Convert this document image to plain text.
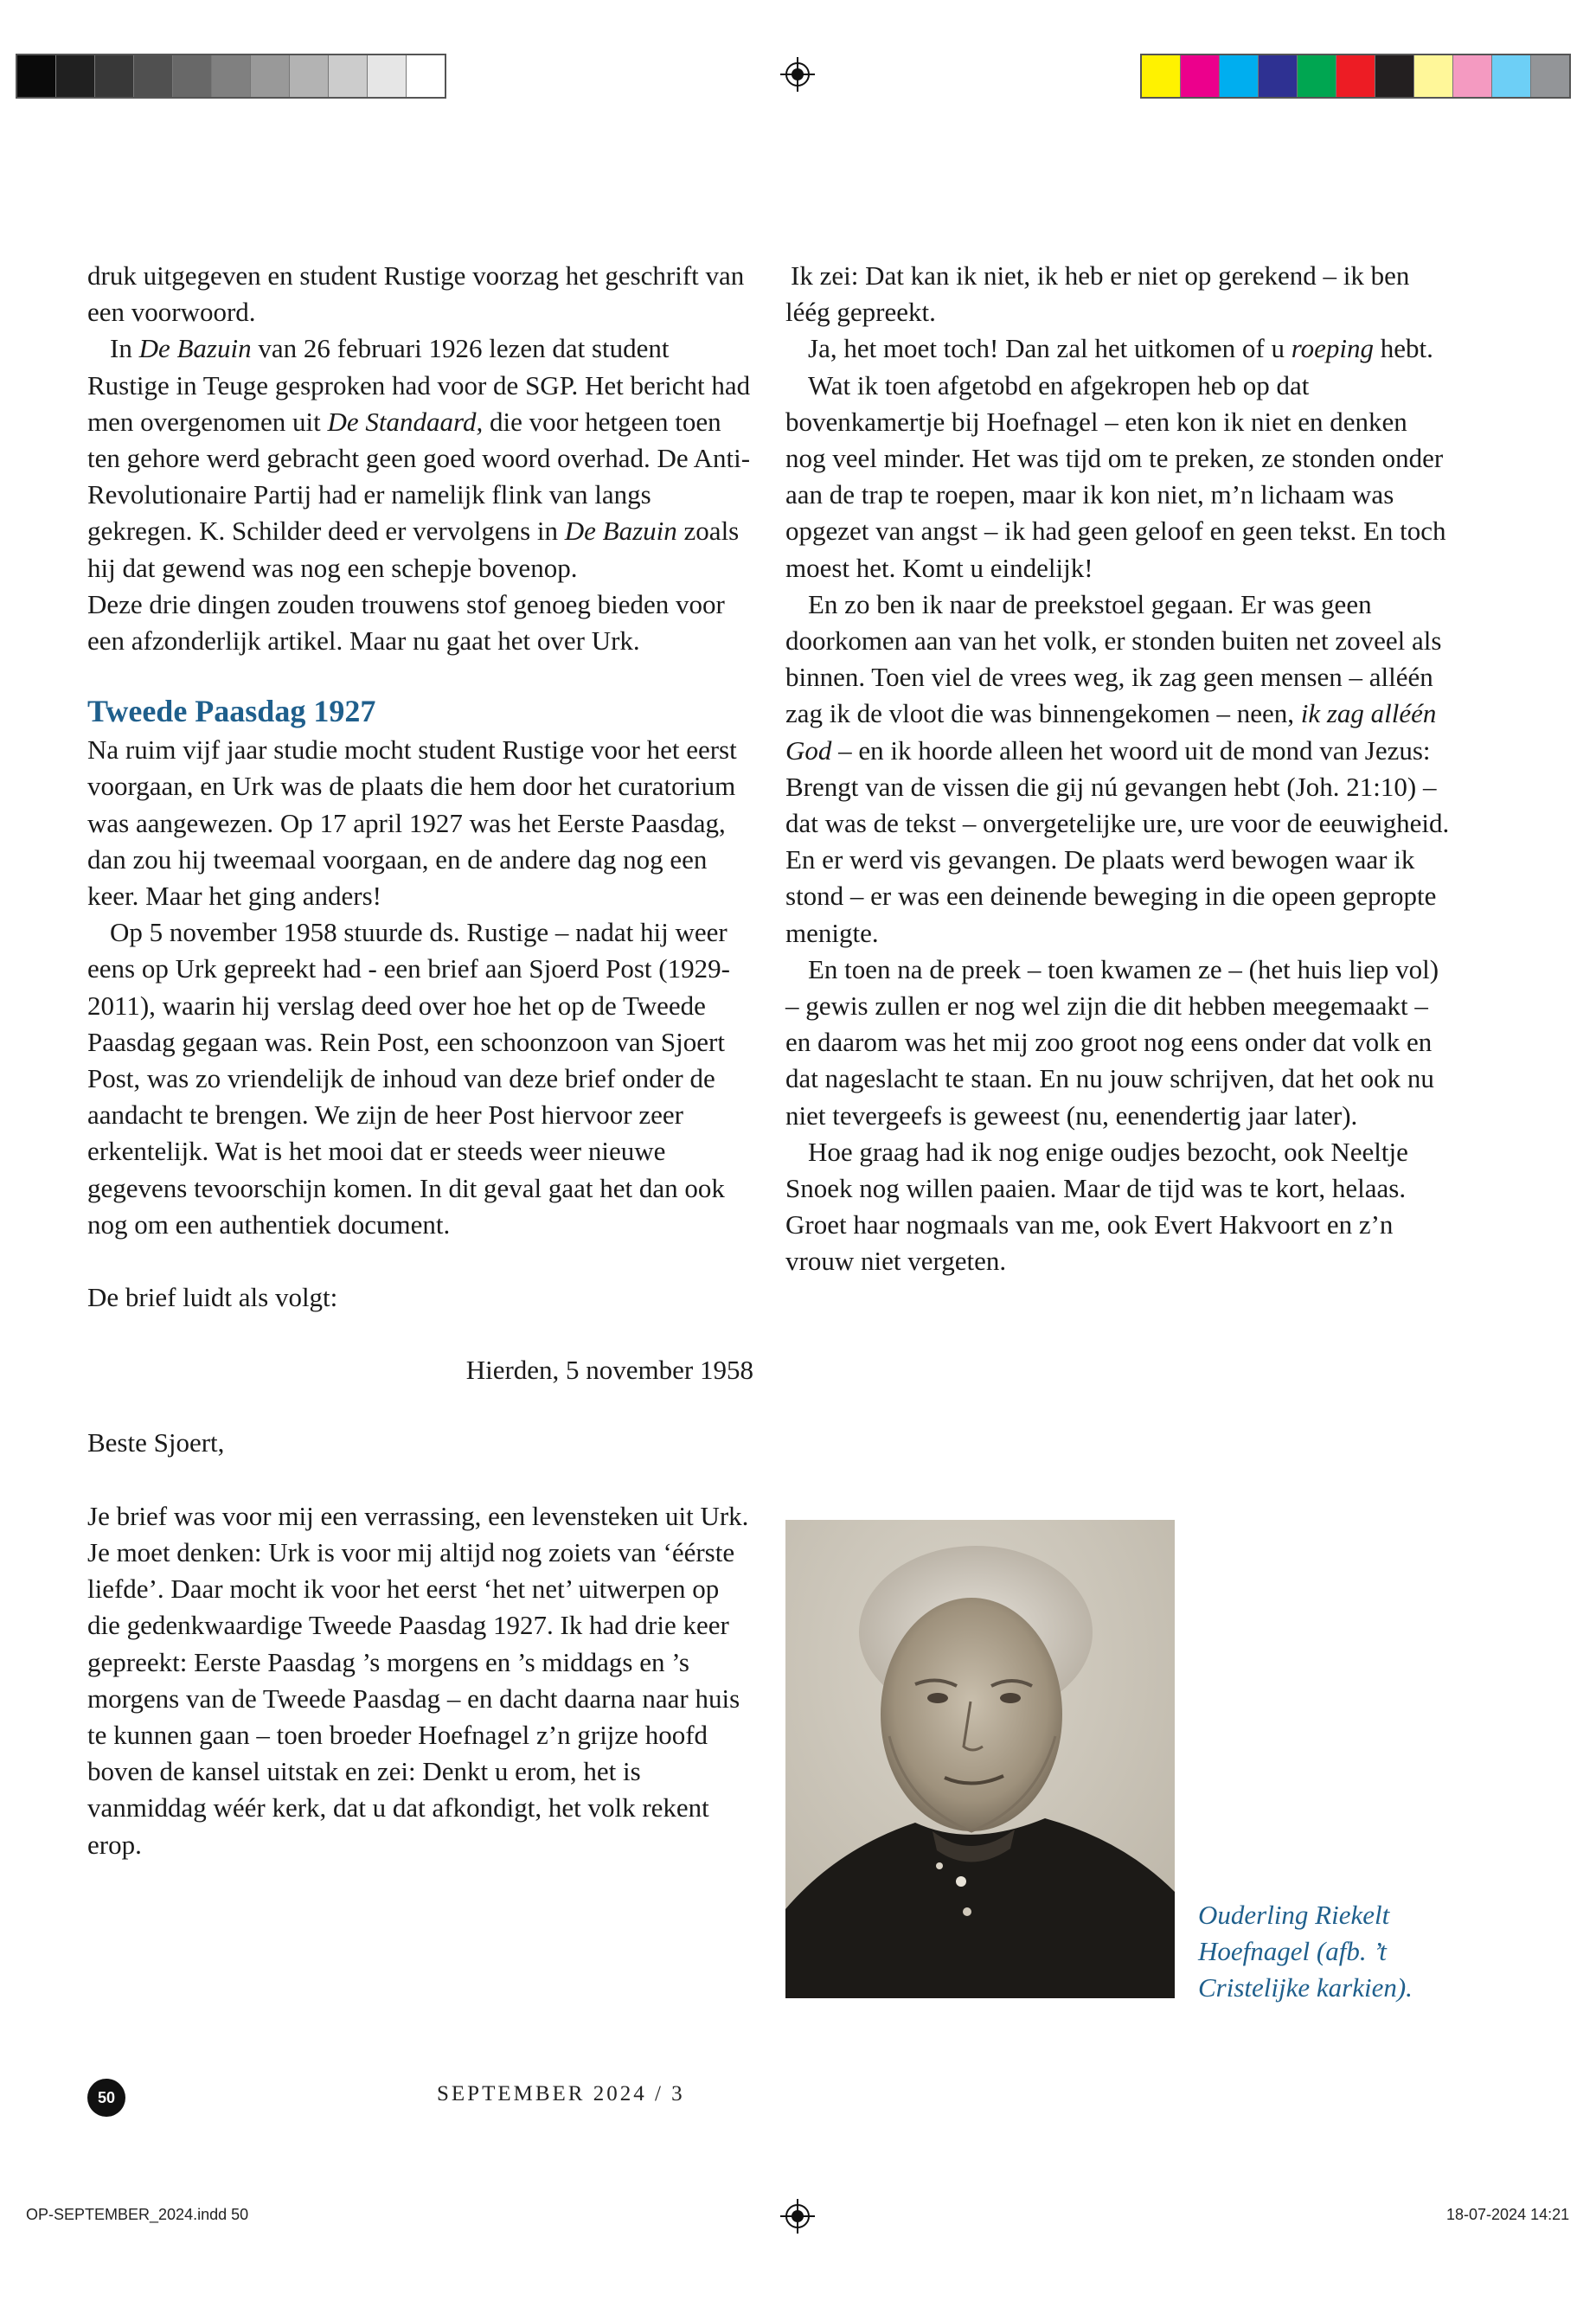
druk uitgegeven en student Rustige voorzag het geschrift van een voorwoord.

In De Bazuin van 26 februari 1926 lezen dat student Rustige in Teuge gesproken had voor de SGP. Het bericht had men overgenomen uit De Standaard, die voor hetgeen toen ten gehore werd gebracht geen goed woord overhad. De Anti-Revolutionaire Partij had er namelijk flink van langs gekregen. K. Schilder deed er vervolgens in De Bazuin zoals hij dat gewend was nog een schepje bovenop.

Deze drie dingen zouden trouwens stof genoeg bieden voor een afzonderlijk artikel. Maar nu gaat het over Urk.

Tweede Paasdag 1927

Na ruim vijf jaar studie mocht student Rustige voor het eerst voorgaan, en Urk was de plaats die hem door het curatorium was aangewezen. Op 17 april 1927 was het Eerste Paasdag, dan zou hij tweemaal voorgaan, en de andere dag nog een keer. Maar het ging anders!

Op 5 november 1958 stuurde ds. Rustige – nadat hij weer eens op Urk gepreekt had - een brief aan Sjoerd Post (1929-2011), waarin hij verslag deed over hoe het op de Tweede Paasdag gegaan was. Rein Post, een schoonzoon van Sjoert Post, was zo vriendelijk de inhoud van deze brief onder de aandacht te brengen. We zijn de heer Post hiervoor zeer erkentelijk. Wat is het mooi dat er steeds weer nieuwe gegevens tevoorschijn komen. In dit geval gaat het dan ook nog om een authentiek document.

De brief luidt als volgt:

Hierden, 5 november 1958

Beste Sjoert,

Je brief was voor mij een verrassing, een levensteken uit Urk. Je moet denken: Urk is voor mij altijd nog zoiets van ‘éérste liefde’. Daar mocht ik voor het eerst ‘het net’ uitwerpen op die gedenkwaardige Tweede Paasdag 1927. Ik had drie keer gepreekt: Eerste Paasdag ’s morgens en ’s middags en ’s morgens van de Tweede Paasdag – en dacht daarna naar huis te kunnen gaan – toen broeder Hoefnagel z’n grijze hoofd boven de kansel uitstak en zei: Denkt u erom, het is vanmiddag wéér kerk, dat u dat afkondigt, het volk rekent erop.

Ik zei: Dat kan ik niet, ik heb er niet op gerekend – ik ben léég gepreekt.

Ja, het moet toch! Dan zal het uitkomen of u roeping hebt.

Wat ik toen afgetobd en afgekropen heb op dat bovenkamertje bij Hoefnagel – eten kon ik niet en denken nog veel minder. Het was tijd om te preken, ze stonden onder aan de trap te roepen, maar ik kon niet, m’n lichaam was opgezet van angst – ik had geen geloof en geen tekst. En toch moest het. Komt u eindelijk!

En zo ben ik naar de preekstoel gegaan. Er was geen doorkomen aan van het volk, er stonden buiten net zoveel als binnen. Toen viel de vrees weg, ik zag geen mensen – alléén zag ik de vloot die was binnengekomen – neen, ik zag alléén God – en ik hoorde alleen het woord uit de mond van Jezus: Brengt van de vissen die gij nú gevangen hebt (Joh. 21:10) – dat was de tekst – onvergetelijke ure, ure voor de eeuwigheid.

En er werd vis gevangen. De plaats werd bewogen waar ik stond – er was een deinende beweging in die opeen gepropte menigte.

En toen na de preek – toen kwamen ze – (het huis liep vol) – gewis zullen er nog wel zijn die dit hebben meegemaakt – en daarom was het mij zoo groot nog eens onder dat volk en dat nageslacht te staan. En nu jouw schrijven, dat het ook nu niet tevergeefs is geweest (nu, eenendertig jaar later).

Hoe graag had ik nog enige oudjes bezocht, ook Neeltje Snoek nog willen paaien. Maar de tijd was te kort, helaas. Groet haar nogmaals van me, ook Evert Hakvoort en z’n vrouw niet vergeten.

Ouderling Riekelt Hoefnagel (afb. ’t Cristelijke karkien).
50	SEPTEMBER 2024 / 3
OP-SEPTEMBER_2024.indd 50	18-07-2024 14:21
